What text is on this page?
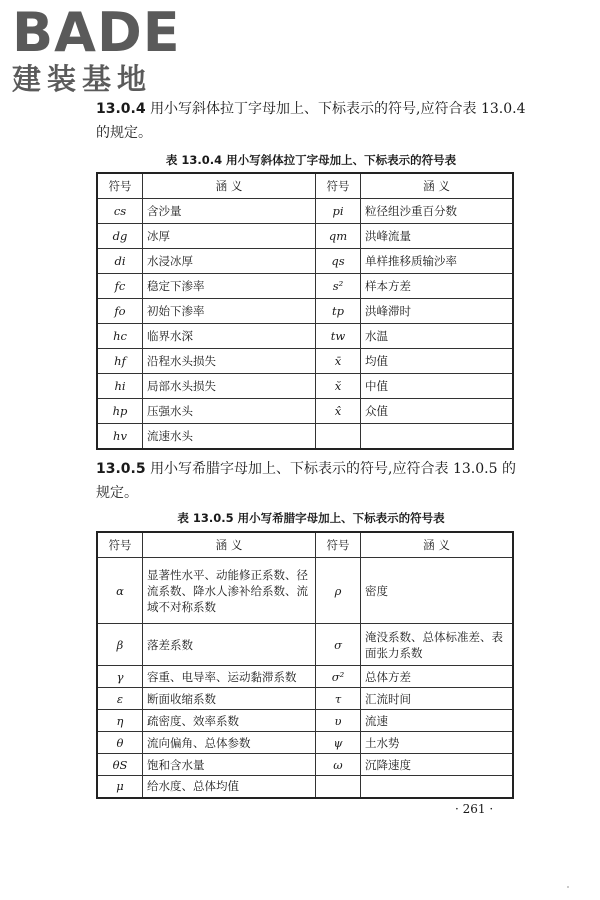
BADE
建装基地
13.0.4 用小写斜体拉丁字母加上、下标表示的符号,应符合表 13.0.4 的规定。
表 13.0.4 用小写斜体拉丁字母加上、下标表示的符号表
符号	涵 义	符号	涵 义
cs	含沙量	pi	粒径组沙重百分数
dg	冰厚	qm	洪峰流量
di	水浸冰厚	qs	单样推移质输沙率
fc	稳定下渗率	s²	样本方差
fo	初始下渗率	tp	洪峰滞时
hc	临界水深	tw	水温
hf	沿程水头损失	x̄	均值
hi	局部水头损失	x̆	中值
hp	压强水头	x̂	众值
hv	流速水头		
13.0.5 用小写希腊字母加上、下标表示的符号,应符合表 13.0.5 的规定。
表 13.0.5 用小写希腊字母加上、下标表示的符号表
符号	涵 义	符号	涵 义
α	显著性水平、动能修正系数、径流系数、降水人渗补给系数、流域不对称系数	ρ	密度
β	落差系数	σ	淹没系数、总体标准差、表面张力系数
γ	容重、电导率、运动黏滞系数	σ²	总体方差
ε	断面收缩系数	τ	汇流时间
η	疏密度、效率系数	υ	流速
θ	流向偏角、总体参数	ψ	土水势
θS	饱和含水量	ω	沉降速度
μ	给水度、总体均值		
· 261 ·
